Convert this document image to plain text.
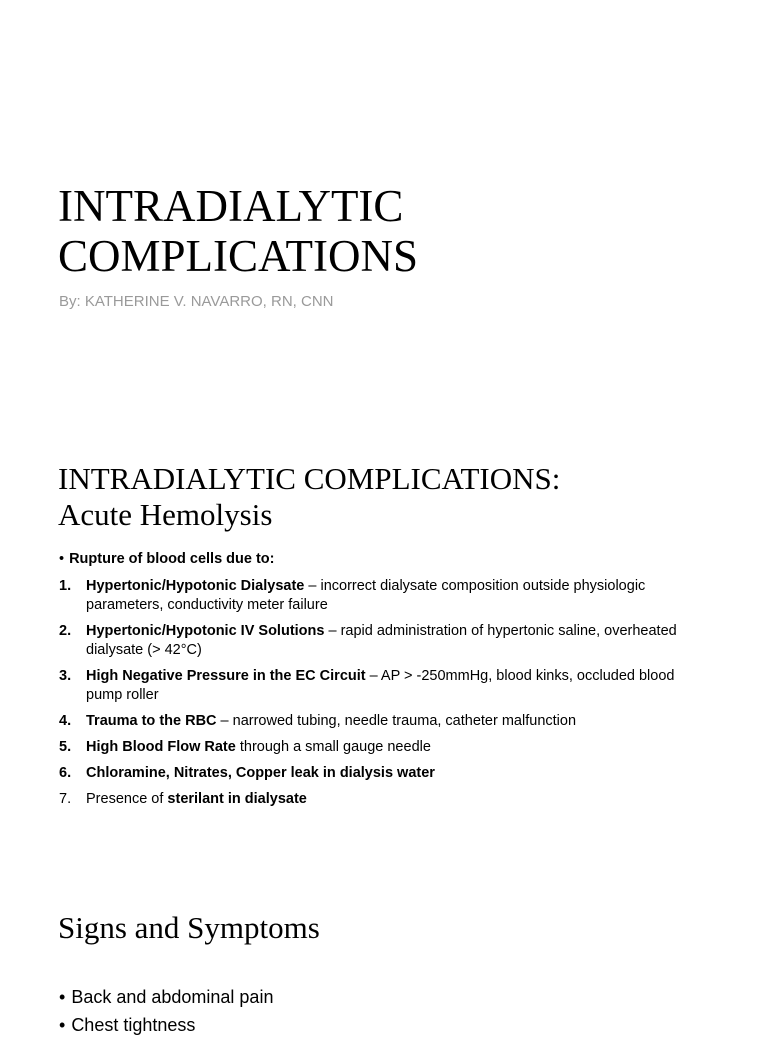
INTRADIALYTIC
COMPLICATIONS
By: KATHERINE V. NAVARRO, RN, CNN
INTRADIALYTIC COMPLICATIONS:
Acute Hemolysis
• Rupture of blood cells due to:
1. Hypertonic/Hypotonic Dialysate – incorrect dialysate composition outside physiologic parameters, conductivity meter failure
2. Hypertonic/Hypotonic IV Solutions – rapid administration of hypertonic saline, overheated dialysate (> 42°C)
3. High Negative Pressure in the EC Circuit – AP > -250mmHg, blood kinks, occluded blood pump roller
4. Trauma to the RBC – narrowed tubing, needle trauma, catheter malfunction
5. High Blood Flow Rate through a small gauge needle
6. Chloramine, Nitrates, Copper leak in dialysis water
7. Presence of sterilant in dialysate
Signs and Symptoms
• Back and abdominal pain
• Chest tightness
